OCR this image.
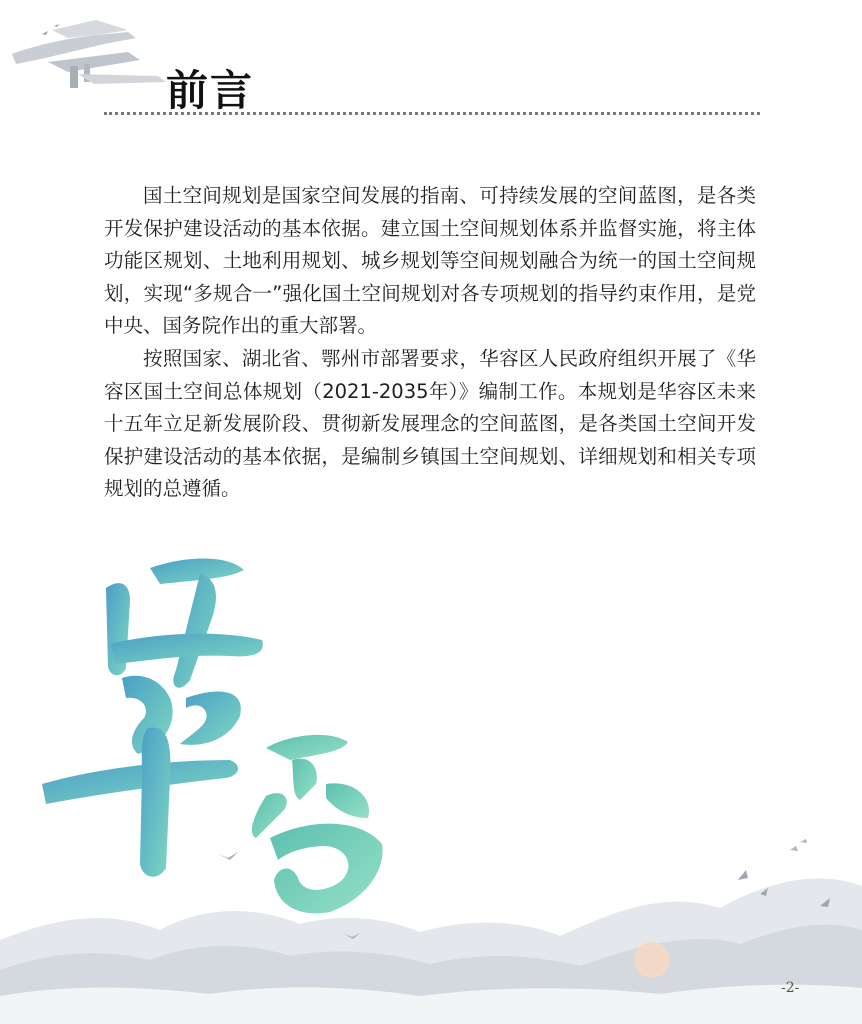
前言

国土空间规划是国家空间发展的指南、可持续发展的空间蓝图，是各类开发保护建设活动的基本依据。建立国土空间规划体系并监督实施，将主体功能区规划、土地利用规划、城乡规划等空间规划融合为统一的国土空间规划，实现“多规合一”强化国土空间规划对各专项规划的指导约束作用，是党中央、国务院作出的重大部署。

按照国家、湖北省、鄂州市部署要求，华容区人民政府组织开展了《华容区国土空间总体规划（2021-2035年）》编制工作。本规划是华容区未来十五年立足新发展阶段、贯彻新发展理念的空间蓝图，是各类国土空间开发保护建设活动的基本依据，是编制乡镇国土空间规划、详细规划和相关专项规划的总遵循。

-2-
